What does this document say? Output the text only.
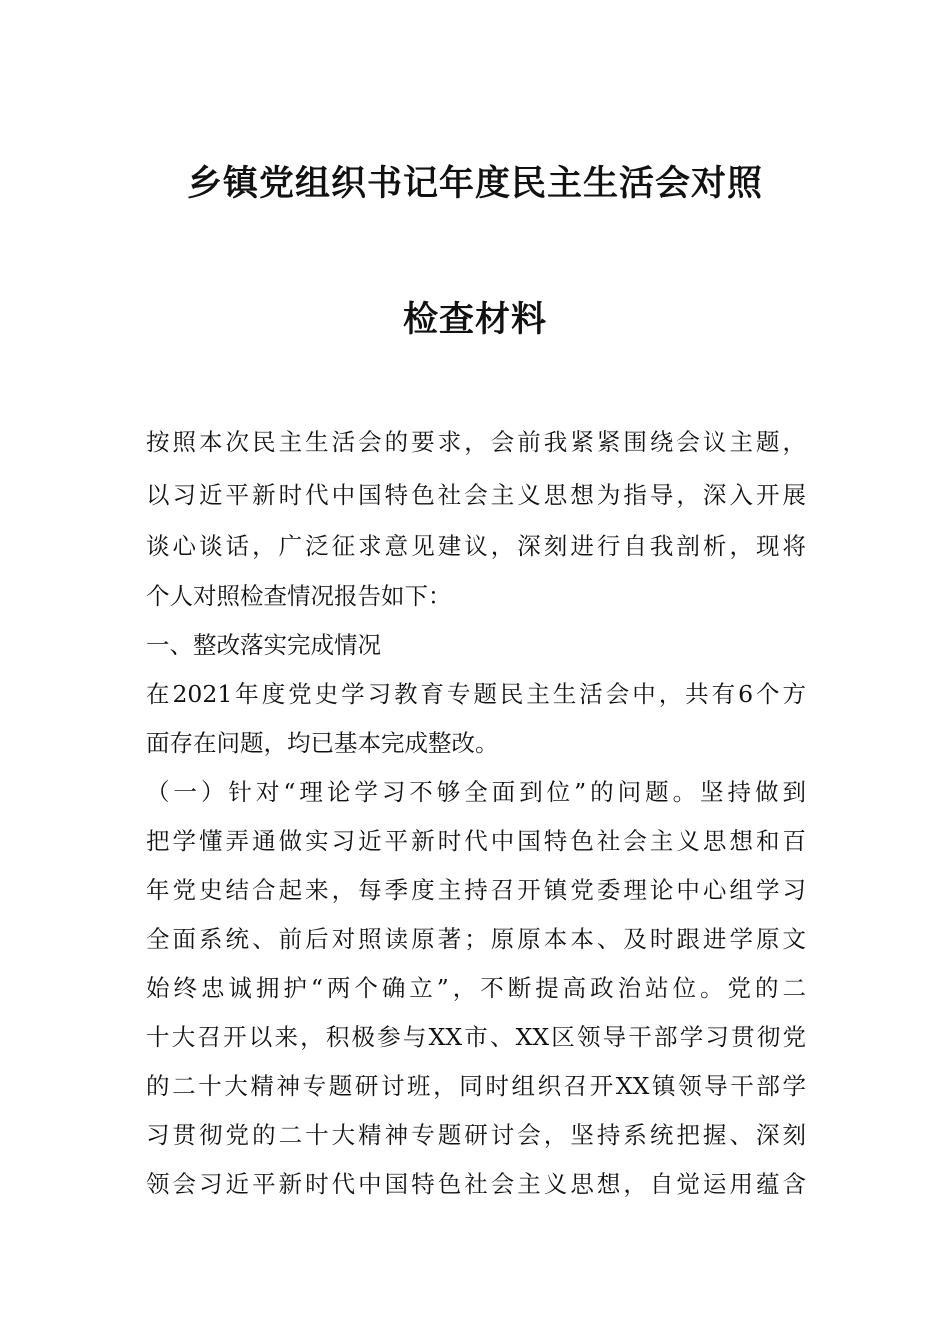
乡镇党组织书记年度民主生活会对照
检查材料
按照本次民主生活会的要求，会前我紧紧围绕会议主题，
以习近平新时代中国特色社会主义思想为指导，深入开展
谈心谈话，广泛征求意见建议，深刻进行自我剖析，现将
个人对照检查情况报告如下：
一、整改落实完成情况
在2021年度党史学习教育专题民主生活会中，共有6个方
面存在问题，均已基本完成整改。
（一）针对“理论学习不够全面到位”的问题。坚持做到
把学懂弄通做实习近平新时代中国特色社会主义思想和百
年党史结合起来，每季度主持召开镇党委理论中心组学习
全面系统、前后对照读原著；原原本本、及时跟进学原文
始终忠诚拥护“两个确立”，不断提高政治站位。党的二
十大召开以来，积极参与XX市、XX区领导干部学习贯彻党
的二十大精神专题研讨班，同时组织召开XX镇领导干部学
习贯彻党的二十大精神专题研讨会，坚持系统把握、深刻
领会习近平新时代中国特色社会主义思想，自觉运用蕴含
